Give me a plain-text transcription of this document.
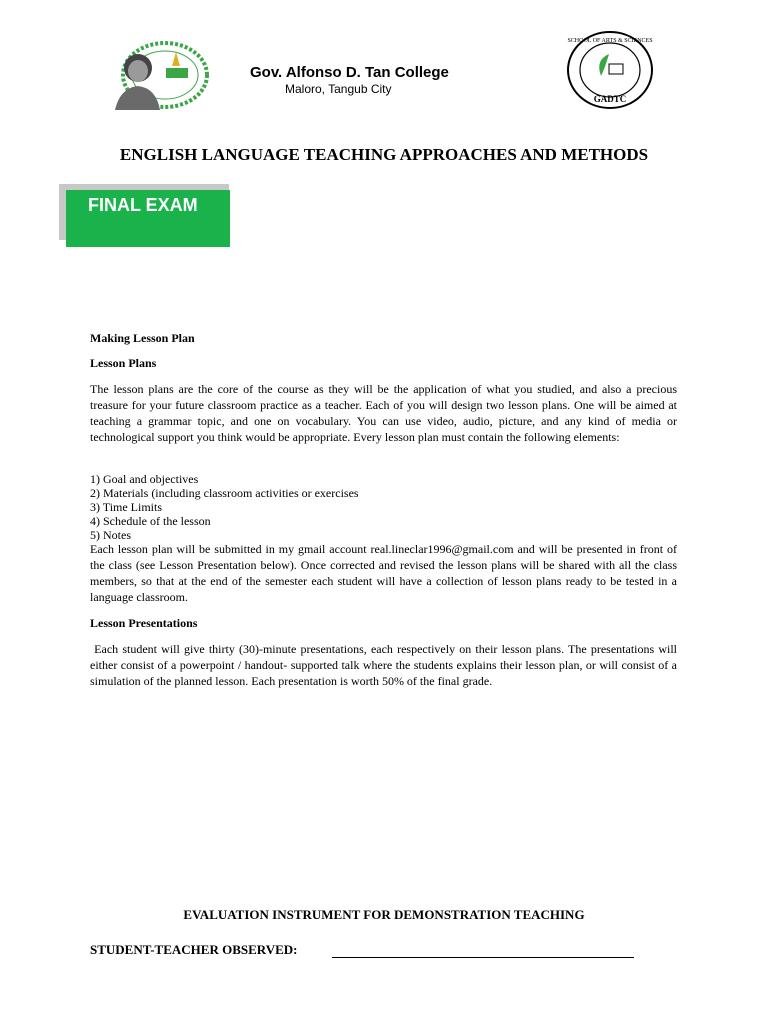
Gov. Alfonso D. Tan College
Maloro, Tangub City
GADTC
SCHOOL OF ARTS & SCIENCES
ENGLISH LANGUAGE TEACHING APPROACHES AND METHODS
FINAL EXAM
Making Lesson Plan
Lesson Plans
The lesson plans are the core of the course as they will be the application of what you studied, and also a precious treasure for your future classroom practice as a teacher. Each of you will design two lesson plans. One will be aimed at teaching a grammar topic, and one on vocabulary. You can use video, audio, picture, and any kind of media or technological support you think would be appropriate. Every lesson plan must contain the following elements:
1) Goal and objectives
2) Materials (including classroom activities or exercises
3) Time Limits
4) Schedule of the lesson
5) Notes
Each lesson plan will be submitted in my gmail account real.lineclar1996@gmail.com and will be presented in front of the class (see Lesson Presentation below). Once corrected and revised the lesson plans will be shared with all the class members, so that at the end of the semester each student will have a collection of lesson plans ready to be tested in a language classroom.
Lesson Presentations
Each student will give thirty (30)-minute presentations, each respectively on their lesson plans. The presentations will either consist of a powerpoint / handout- supported talk where the students explains their lesson plan, or will consist of a simulation of the planned lesson. Each presentation is worth 50% of the final grade.
EVALUATION INSTRUMENT FOR DEMONSTRATION TEACHING
STUDENT-TEACHER OBSERVED:
